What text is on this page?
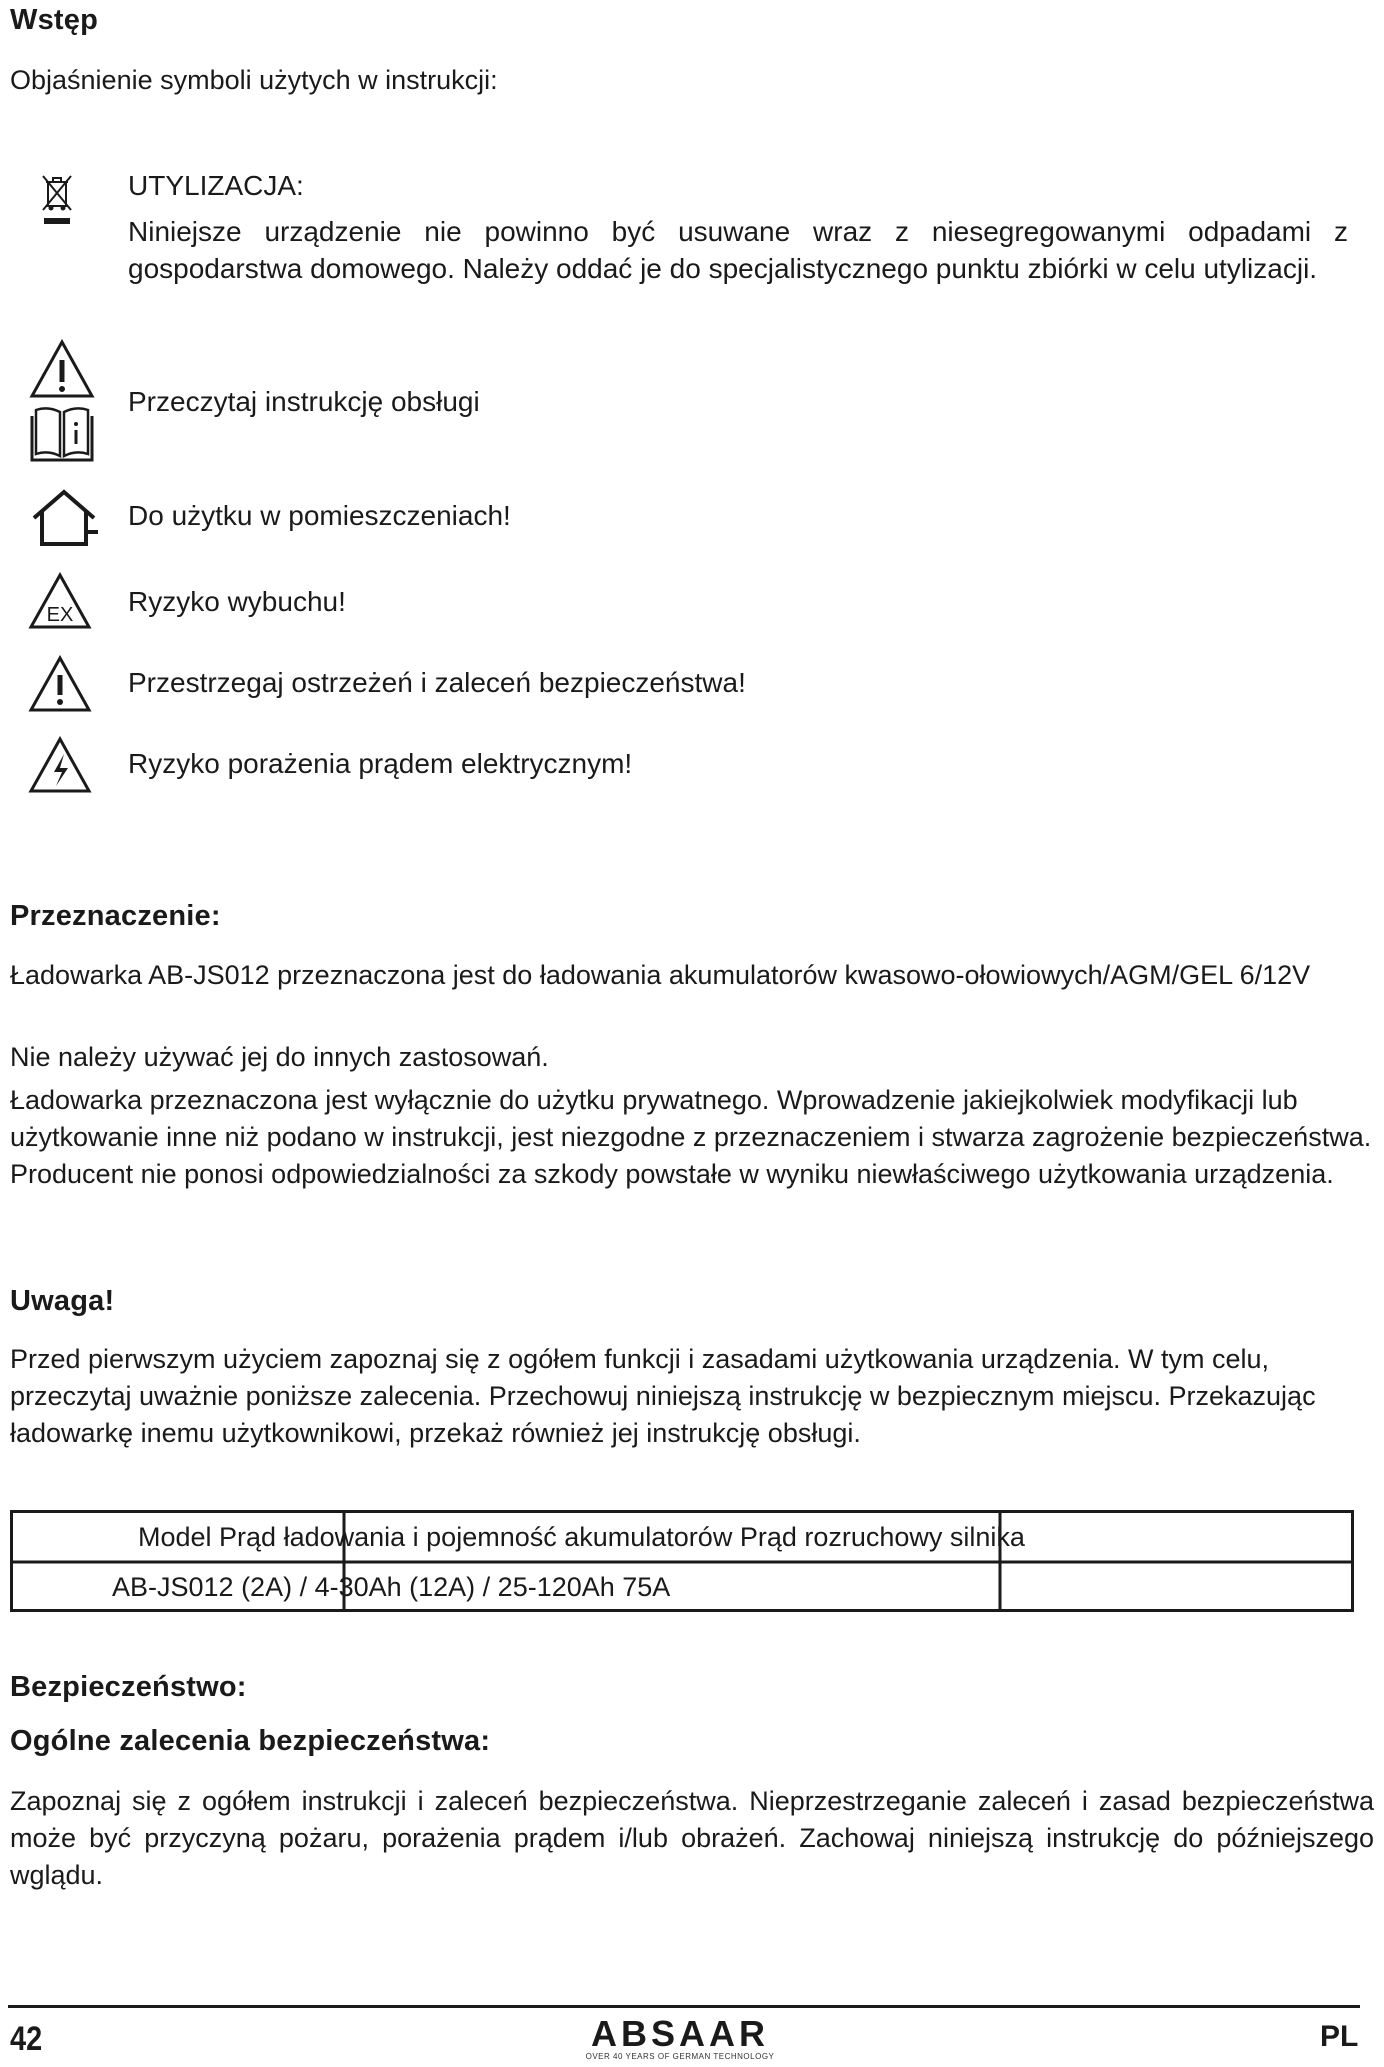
Wstęp
Objaśnienie symboli użytych w instrukcji:
UTYLIZACJA:
Niniejsze urządzenie nie powinno być usuwane wraz z niesegregowanymi odpadami z gospodarstwa domowego. Należy oddać je do specjalistycznego punktu zbiórki w celu utylizacji.
Przeczytaj instrukcję obsługi
Do użytku w pomieszczeniach!
EX Ryzyko wybuchu!
Przestrzegaj ostrzeżeń i zaleceń bezpieczeństwa!
Ryzyko porażenia prądem elektrycznym!
Przeznaczenie:
Ładowarka AB-JS012 przeznaczona jest do ładowania akumulatorów kwasowo-ołowiowych/AGM/GEL 6/12V
Nie należy używać jej do innych zastosowań.
Ładowarka przeznaczona jest wyłącznie do użytku prywatnego. Wprowadzenie jakiejkolwiek modyfikacji lub użytkowanie inne niż podano w instrukcji, jest niezgodne z przeznaczeniem i stwarza zagrożenie bezpieczeństwa. Producent nie ponosi odpowiedzialności za szkody powstałe w wyniku niewłaściwego użytkowania urządzenia.
Uwaga!
Przed pierwszym użyciem zapoznaj się z ogółem funkcji i zasadami użytkowania urządzenia. W tym celu, przeczytaj uważnie poniższe zalecenia. Przechowuj niniejszą instrukcję w bezpiecznym miejscu. Przekazując ładowarkę inemu użytkownikowi, przekaż również jej instrukcję obsługi.
Model Prąd ładowania i pojemność akumulatorów Prąd rozruchowy silnika
AB-JS012 (2A) / 4-30Ah (12A) / 25-120Ah 75A
Bezpieczeństwo:
Ogólne zalecenia bezpieczeństwa:
Zapoznaj się z ogółem instrukcji i zaleceń bezpieczeństwa. Nieprzestrzeganie zaleceń i zasad bezpieczeństwa może być przyczyną pożaru, porażenia prądem i/lub obrażeń. Zachowaj niniejszą instrukcję do późniejszego wglądu.
42	ABSAAR
OVER 40 YEARS OF GERMAN TECHNOLOGY
PL
